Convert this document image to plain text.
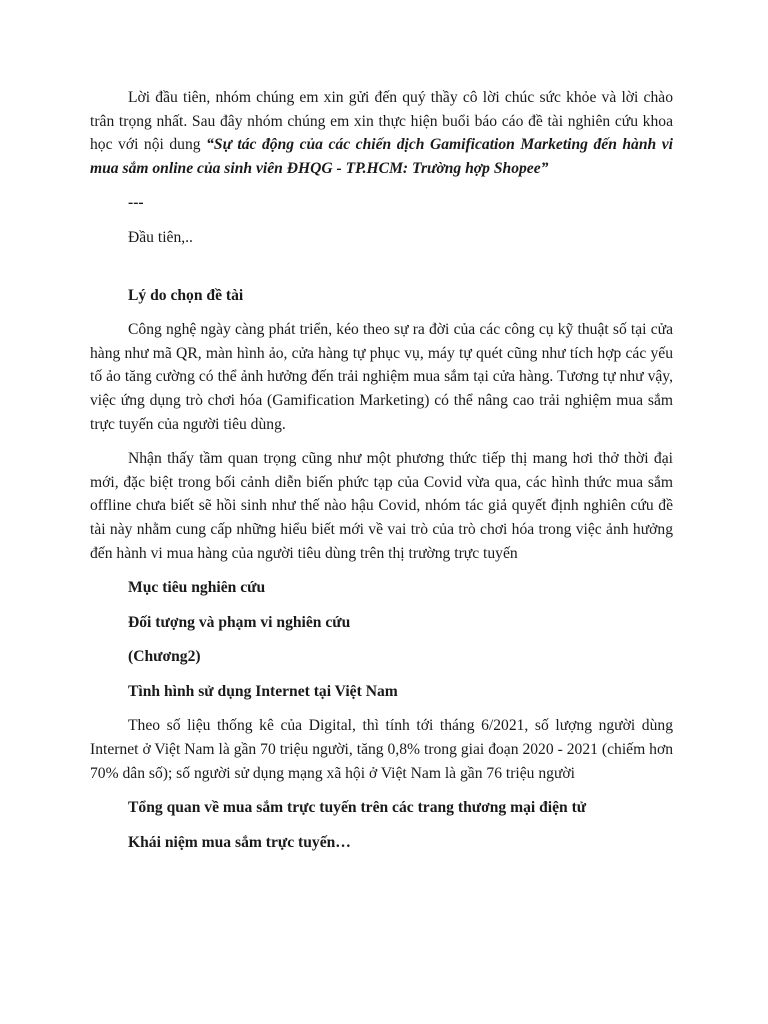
Lời đầu tiên, nhóm chúng em xin gửi đến quý thầy cô lời chúc sức khỏe và lời chào trân trọng nhất. Sau đây nhóm chúng em xin thực hiện buổi báo cáo đề tài nghiên cứu khoa học với nội dung “Sự tác động của các chiến dịch Gamification Marketing đến hành vi mua sắm online của sinh viên ĐHQG - TP.HCM: Trường hợp Shopee”

---

Đầu tiên,..

Lý do chọn đề tài

Công nghệ ngày càng phát triển, kéo theo sự ra đời của các công cụ kỹ thuật số tại cửa hàng như mã QR, màn hình ảo, cửa hàng tự phục vụ, máy tự quét cũng như tích hợp các yếu tố ảo tăng cường có thể ảnh hưởng đến trải nghiệm mua sắm tại cửa hàng. Tương tự như vậy, việc ứng dụng trò chơi hóa (Gamification Marketing) có thể nâng cao trải nghiệm mua sắm trực tuyến của người tiêu dùng.

Nhận thấy tầm quan trọng cũng như một phương thức tiếp thị mang hơi thở thời đại mới, đặc biệt trong bối cảnh diễn biến phức tạp của Covid vừa qua, các hình thức mua sắm offline chưa biết sẽ hồi sinh như thế nào hậu Covid, nhóm tác giả quyết định nghiên cứu đề tài này nhằm cung cấp những hiểu biết mới về vai trò của trò chơi hóa trong việc ảnh hưởng đến hành vi mua hàng của người tiêu dùng trên thị trường trực tuyến

Mục tiêu nghiên cứu

Đối tượng và phạm vi nghiên cứu

(Chương2)

Tình hình sử dụng Internet tại Việt Nam

Theo số liệu thống kê của Digital, thì tính tới tháng 6/2021, số lượng người dùng Internet ở Việt Nam là gần 70 triệu người, tăng 0,8% trong giai đoạn 2020 - 2021 (chiếm hơn 70% dân số); số người sử dụng mạng xã hội ở Việt Nam là gần 76 triệu người

Tổng quan về mua sắm trực tuyến trên các trang thương mại điện tử

Khái niệm mua sắm trực tuyến…
